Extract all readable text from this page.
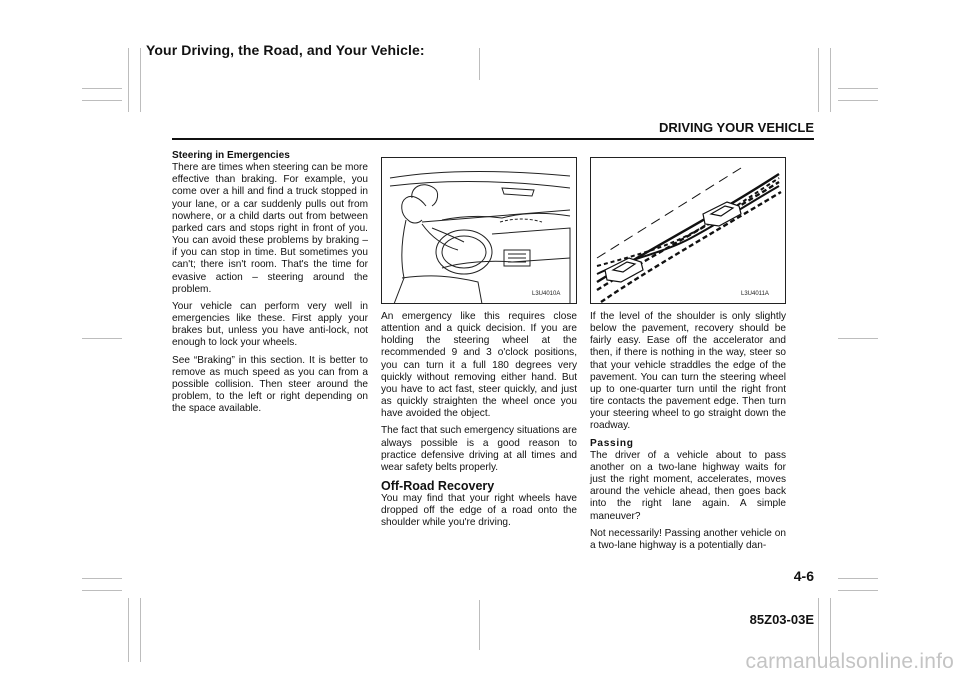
Your Driving, the Road, and Your Vehicle:
DRIVING YOUR VEHICLE
Steering in Emergencies

There are times when steering can be more effective than braking. For example, you come over a hill and find a truck stopped in your lane, or a car suddenly pulls out from nowhere, or a child darts out from between parked cars and stops right in front of you. You can avoid these problems by braking – if you can stop in time. But sometimes you can't; there isn't room. That's the time for evasive action – steering around the problem.

Your vehicle can perform very well in emergencies like these. First apply your brakes but, unless you have anti-lock, not enough to lock your wheels.

See “Braking” in this section. It is better to remove as much speed as you can from a possible collision. Then steer around the problem, to the left or right depending on the space available.

L3U4010A

An emergency like this requires close attention and a quick decision. If you are holding the steering wheel at the recommended 9 and 3 o'clock positions, you can turn it a full 180 degrees very quickly without removing either hand. But you have to act fast, steer quickly, and just as quickly straighten the wheel once you have avoided the object.

The fact that such emergency situations are always possible is a good reason to practice defensive driving at all times and wear safety belts properly.

Off-Road Recovery

You may find that your right wheels have dropped off the edge of a road onto the shoulder while you're driving.

L3U4011A

If the level of the shoulder is only slightly below the pavement, recovery should be fairly easy. Ease off the accelerator and then, if there is nothing in the way, steer so that your vehicle straddles the edge of the pavement. You can turn the steering wheel up to one-quarter turn until the right front tire contacts the pavement edge. Then turn your steering wheel to go straight down the roadway.

Passing

The driver of a vehicle about to pass another on a two-lane highway waits for just the right moment, accelerates, moves around the vehicle ahead, then goes back into the right lane again. A simple maneuver?

Not necessarily! Passing another vehicle on a two-lane highway is a potentially dan-

4-6
85Z03-03E
carmanualsonline.info
